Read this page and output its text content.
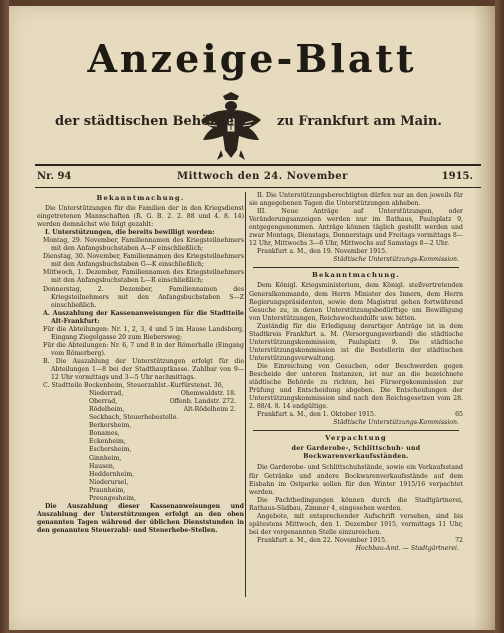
Anzeige-Blatt
der städtischen Behörden	zu Frankfurt am Main.
Nr. 94	Mittwoch den 24. November	1915.

Bekanntmachung.

Die Unterstützungen für die Familien der in den Kriegsdienst eingetretenen Mannschaften (R. G. B. 2. 2. 88 und 4. 8. 14) werden demnächst wie folgt gezahlt:

I. Unterstützungen, die bereits bewilligt worden:

Montag, 29. November, Familiennamen des Kriegsteilnehmers mit den Anfangsbuchstaben A—F einschließlich;

Dienstag, 30. November, Familiennamen des Kriegsteilnehmers mit den Anfangsbuchstaben G—K einschließlich;

Mittwoch, 1. Dezember, Familiennamen des Kriegsteilnehmers mit den Anfangsbuchstaben L—R einschließlich;

Donnerstag, 2. Dezember, Familiennamen des Kriegsteilnehmers mit den Anfangsbuchstaben S—Z einschließlich.

A. Auszahlung der Kassenanweisungen für die Stadtteile Alt-Frankfurt:

Für die Abteilungen: Nr. 1, 2, 3, 4 und 5 im Hause Landsberg, Eingang Ziegelgasse 20 zum Biebersweg;

Für die Abteilungen: Nr. 6, 7 und 8 in der Römerhalle (Eingang vom Römerberg).

B. Die Auszahlung der Unterstützungen erfolgt für die Abteilungen 1—8 bei der Stadthauptkasse. Zahlbar von 9—12 Uhr vormittags und 3—5 Uhr nachmittags.

C. Stadtteile Bockenheim, Steuerzahlst.-Kurfürstenst. 36,

Niederrad,	Ohemwaldstr. 18.
Oberrad,	Offenb. Landstr. 272.
Rödelheim,	Alt-Rödelheim 2.
Seckbach, Steuerhebestelle.
Berkersheim,
Bonames,
Eckenheim,
Eschersheim,
Ginnheim,
Hausen,
Heddernheim,
Niederursel,
Praunheim,
Preungesheim,

Die Auszahlung dieser Kassenanweisungen und Auszahlung der Unterstützungen erfolgt an den oben genannten Tagen während der üblichen Dienststunden in den genannten Steuerzahl- und Steuerhebe-Stellen.

II. Die Unterstützungsberechtigten dürfen nur an den jeweils für sie angegebenen Tagen die Unterstützungen abheben.

III. Neue Anträge auf Unterstützungen, oder Veränderungsanzeigen werden nur im Rathaus, Paulsplatz 9, entgegengenommen. Anträge können täglich gestellt werden und zwar Montags, Dienstags, Donnerstags und Freitags vormittags 8—12 Uhr, Mittwochs 3—6 Uhr, Mittwochs auf Samstags 8—2 Uhr.

Frankfurt a. M., den 19. November 1915.

Städtische Unterstützungs-Kommission.

Bekanntmachung.

Dem Königl. Kriegsministerium, dem Königl. stellvertretenden Generalkommando, dem Herrn Minister des Innern, dem Herrn Regierungspräsidenten, sowie dem Magistrat gehen fortwährend Gesuche zu, in denen Unterstützungsbedürftige um Bewilligung von Unterstützungen, Reichswochenhilfe usw. bitten.

Zuständig für die Erledigung derartiger Anträge ist in dem Stadtkreis Frankfurt a. M. (Versorgungsverband) die städtische Unterstützungskommission, Paulsplatz 9. Die städtische Unterstützungskommission ist die Bestellerin der städtischen Unterstützungsverwaltung.

Die Einreichung von Gesuchen, oder Beschwerden gegen Bescheide der unteren Instanzen, ist nur an die bezeichnete städtische Behörde zu richten, bei Fürsorgekommission zur Prüfung und Entscheidung abgeben. Die Entscheidungen der Unterstützungskommission sind nach den Reichsgesetzen vom 28. 2. 88/4. 8. 14 endgültige.

Frankfurt a. M., den 1. Oktober 1915.	65

Städtische Unterstützungs-Kommission.

Verpachtung

der Garderobe-, Schlittschuh- und Bockwarenverkaufsständen.

Die Garderobe- und Schlittschuhstände, sowie ein Verkaufsstand für Getränke und andere Bockwarenverkaufsstände auf dem Eisbahn im Ostparke sollen für den Winter 1915/16 verpachtet werden.

Die Pachtbedingungen können durch die Stadtgärtnerei, Rathaus-Südbau, Zimmer 4, eingesehen werden.

Angebote, mit entsprechender Aufschrift versehen, sind bis spätestens Mittwoch, den 1. Dezember 1915, vormittags 11 Uhr, bei der vorgenannten Stelle einzureichen.

Frankfurt a. M., den 22. November 1915.	72

Hochbau-Amt. — Stadtgärtnerei.
